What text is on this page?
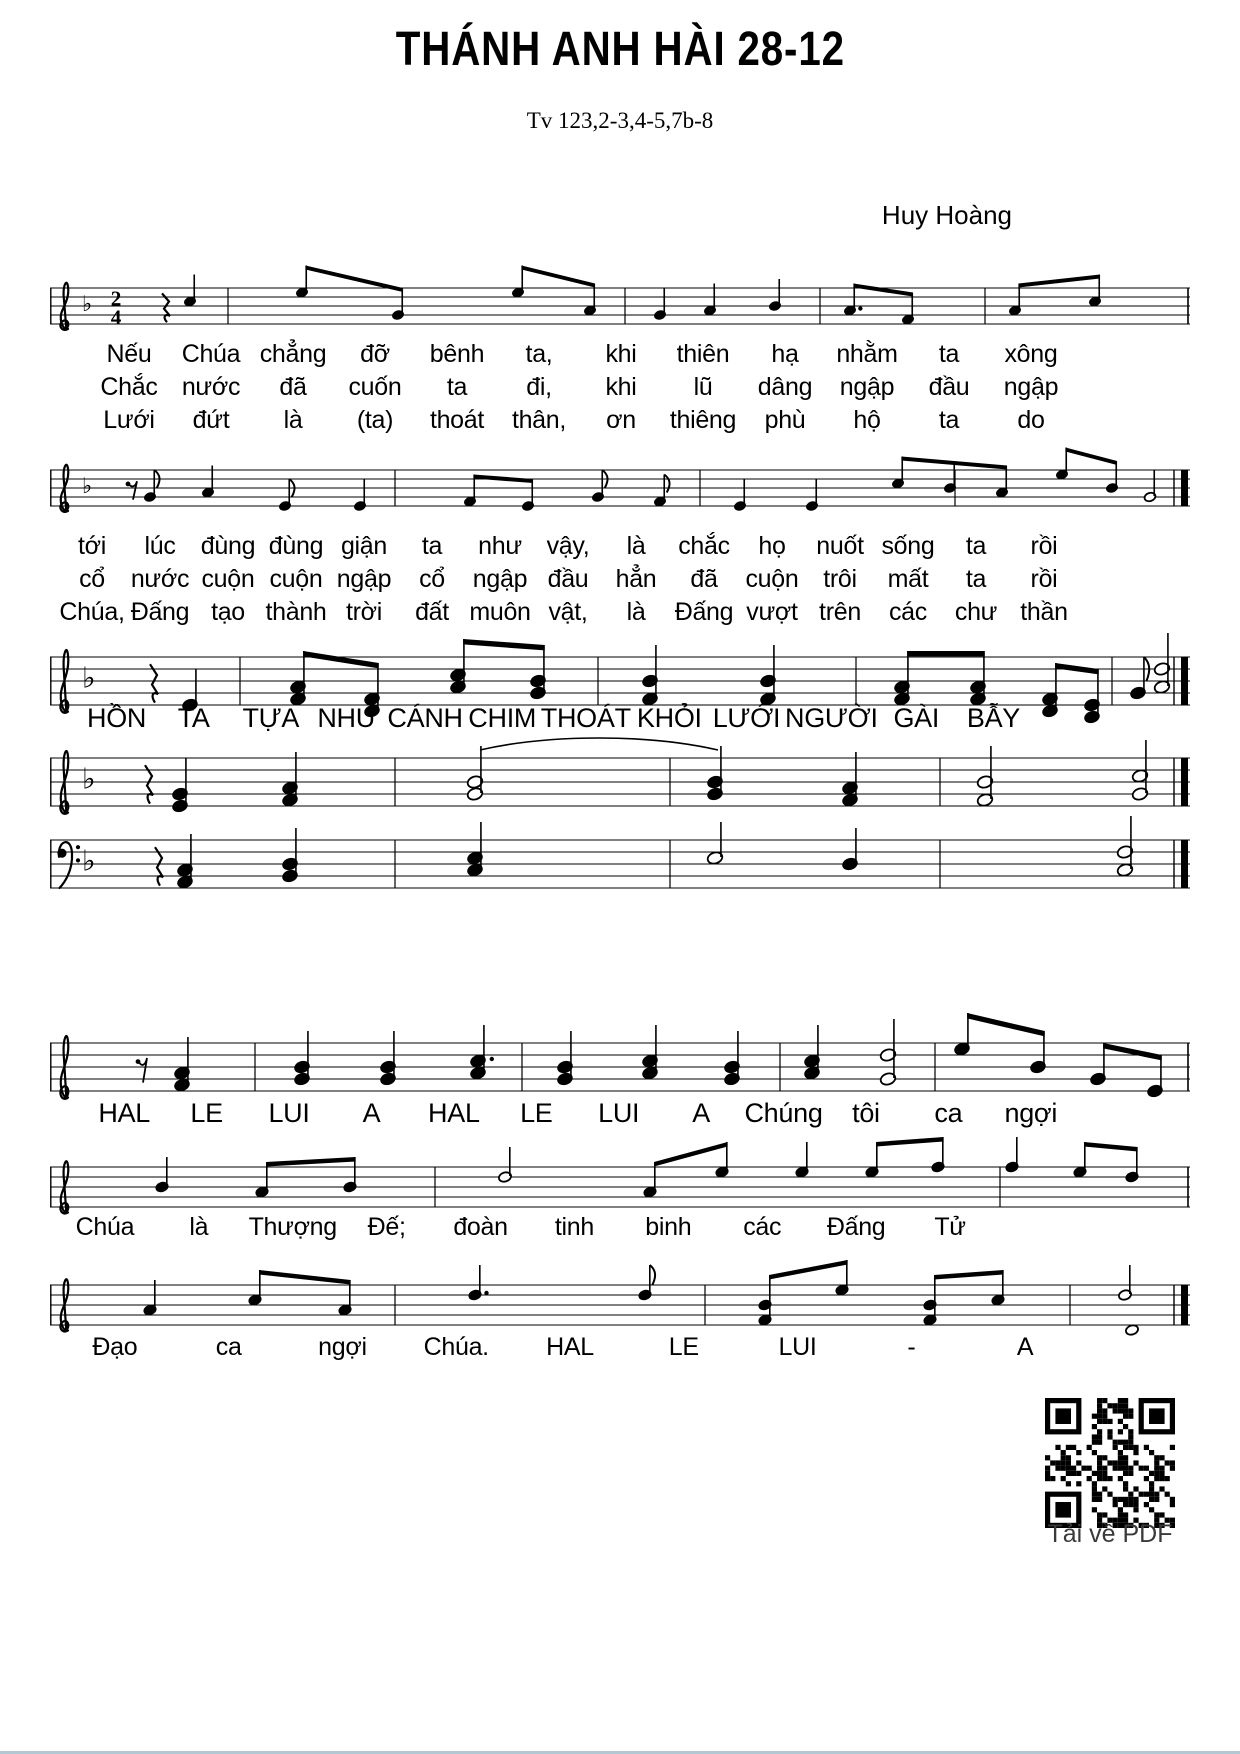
THÁNH ANH HÀI 28-12
Tv 123,2-3,4-5,7b-8
Huy Hoàng
♭ 2
4
Nếu	Chúa chẳng	đỡ	bênh	ta,	khi	thiên	hạ	nhằm	ta	xông
Chắc nước	đã	cuốn	ta	đi,	khi	lũ	dâng	ngập	đầu	ngập
Lưới	đứt	là	(ta)	thoát	thân,	ơn	thiêng	phù	hộ	ta	do
♭
tới	lúc	đùng đùng giận	ta	như vậy,	là	chắc	họ	nuốt sống	ta	rồi
cổ	nước cuộn cuộn ngập	cổ	ngập đầu	hẳn	đã	cuộn trôi	mất	ta	rồi
Chúa, Đấng tạo thành trời	đất muôn vật,	là	Đấng vượt trên	các	chư thần
♭
HỒN	TA	TỰA NHƯ CÁNH CHIM THOÁT KHỎI LƯỚI NGƯỜI GÀI	BẪY
♭
♭
HAL	LE	LUI	A	HAL	LE	LUI	A	Chúng	tôi	ca	ngợi
Chúa	là	Thượng	Đế;	đoàn	tinh	binh	các	Đấng	Tử
Đạo	ca	ngợi	Chúa.	HAL	LE	LUI	-	A
Tải về PDF
